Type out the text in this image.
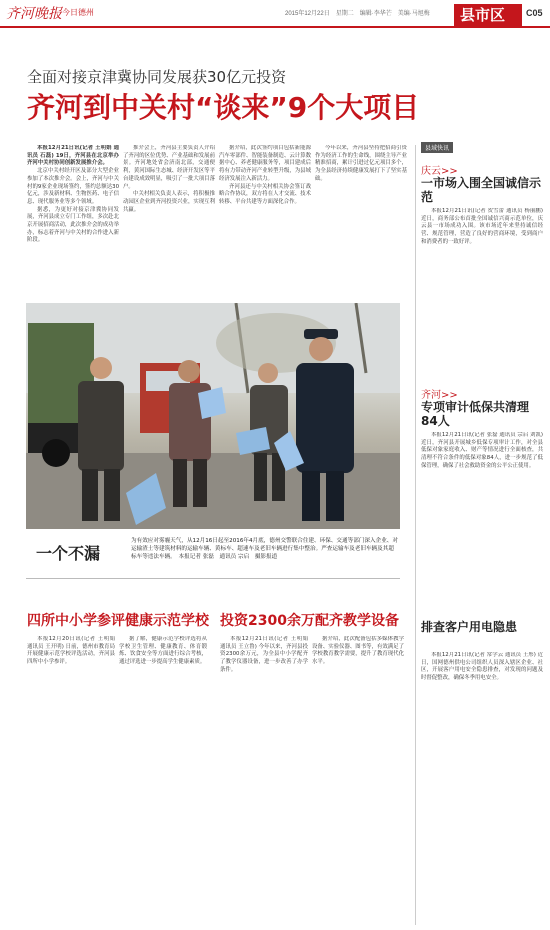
齐河晚报 今日德州	2015年12月22日　星期二　编辑·李华芒　美编·马旭梅	县市区	C05
全面对接京津冀协同发展获30亿元投资
齐河到中关村“谈来”9个大项目

本报12月21日讯(记者 王明娟 通讯员 石磊) 19日，齐河县在北京举办齐河中关村协同创新发展推介会。

北京中关村经开区及部分大型企业参加了本次推介会。会上，齐河与中关村的9家企业现场签约，签约总额达30亿元，涉及新材料、生物医药、电子信息、现代服务业等多个领域。

据悉，为更好对接京津冀协同发展，齐河县成立专门工作组，多次赴北京开展招商活动，此次推介会的成功举办，标志着齐河与中关村的合作进入新阶段。

推介会上，齐河县主要负责人介绍了齐河的区位优势、产业基础和发展前景。齐河地处省会济南北部，交通便利，黄河国际生态城、经济开发区等平台建设成效明显，吸引了一批大项目落户。

中关村相关负责人表示，将积极推动园区企业到齐河投资兴业，实现互利共赢。

据介绍，此次签约项目包括新能源汽车零部件、智能装备制造、云计算数据中心、养老健康服务等，项目建成后将有力带动齐河产业转型升级，为县域经济发展注入新活力。

齐河县还与中关村相关协会签订战略合作协议，双方将在人才交流、技术转移、平台共建等方面深化合作。

今年以来，齐河县坚持把招商引资作为经济工作的生命线，围绕主导产业精准招商，累计引进过亿元项目多个，为全县经济持续健康发展打下了坚实基础。

一个不漏
为有效应对雾霾天气，从12月16日起至2016年4月底，德州交警联合住建、环保、交通等部门深入企业、对运输渣土等建筑材料的运输车辆、黄标车、超速车及老旧车辆进行集中整治。严查运输车及老旧车辆及其超标车等违法车辆。　本报记者 张磊　通讯员 宗启　摄影报道
四所中小学参评健康示范学校

本报12月20日讯(记者 王明娟 通讯员 王开明) 日前，德州市教育局开展健康示范学校评选活动，齐河县四所中小学参评。

据了解，健康示范学校评选将从学校卫生管理、健康教育、体育锻炼、饮食安全等方面进行综合考核，通过评选进一步提高学生健康素质。

投资2300余万配齐教学设备

本报12月21日讯(记者 王明娟 通讯员 王立鲁) 今年以来，齐河县投资2300余万元，为全县中小学配齐了教学仪器设备，进一步改善了办学条件。

据介绍，此次配备包括多媒体教学设备、实验仪器、图书等，有效满足了学校教育教学需要，提升了教育现代化水平。

县域快讯
庆云>>
一市场入围全国诚信示范

本报12月21日讯(记者 贺雪蕾 通讯员 杨丽鹏) 近日，商务部公布首批全国诚信兴商示范单位，庆云县一市场成功入围。该市场近年来坚持诚信经营、规范管理，营造了良好的营商环境，受到商户和消费者的一致好评。

齐河>>
专项审计低保共清理84人

本报12月21日讯(记者 张磊 通讯员 宗启 刘凯) 近日，齐河县开展城乡低保专项审计工作，对全县低保对象家庭收入、财产等情况进行全面核查，共清理不符合条件的低保对象84人，进一步规范了低保管理，确保了社会救助资金的公平公正使用。

排查客户用电隐患

本报12月21日讯(记者 常学云 通讯员 王彤) 近日，国网德州供电公司组织人员深入辖区企业、社区，开展客户用电安全隐患排查，对发现的问题及时督促整改，确保冬季用电安全。
